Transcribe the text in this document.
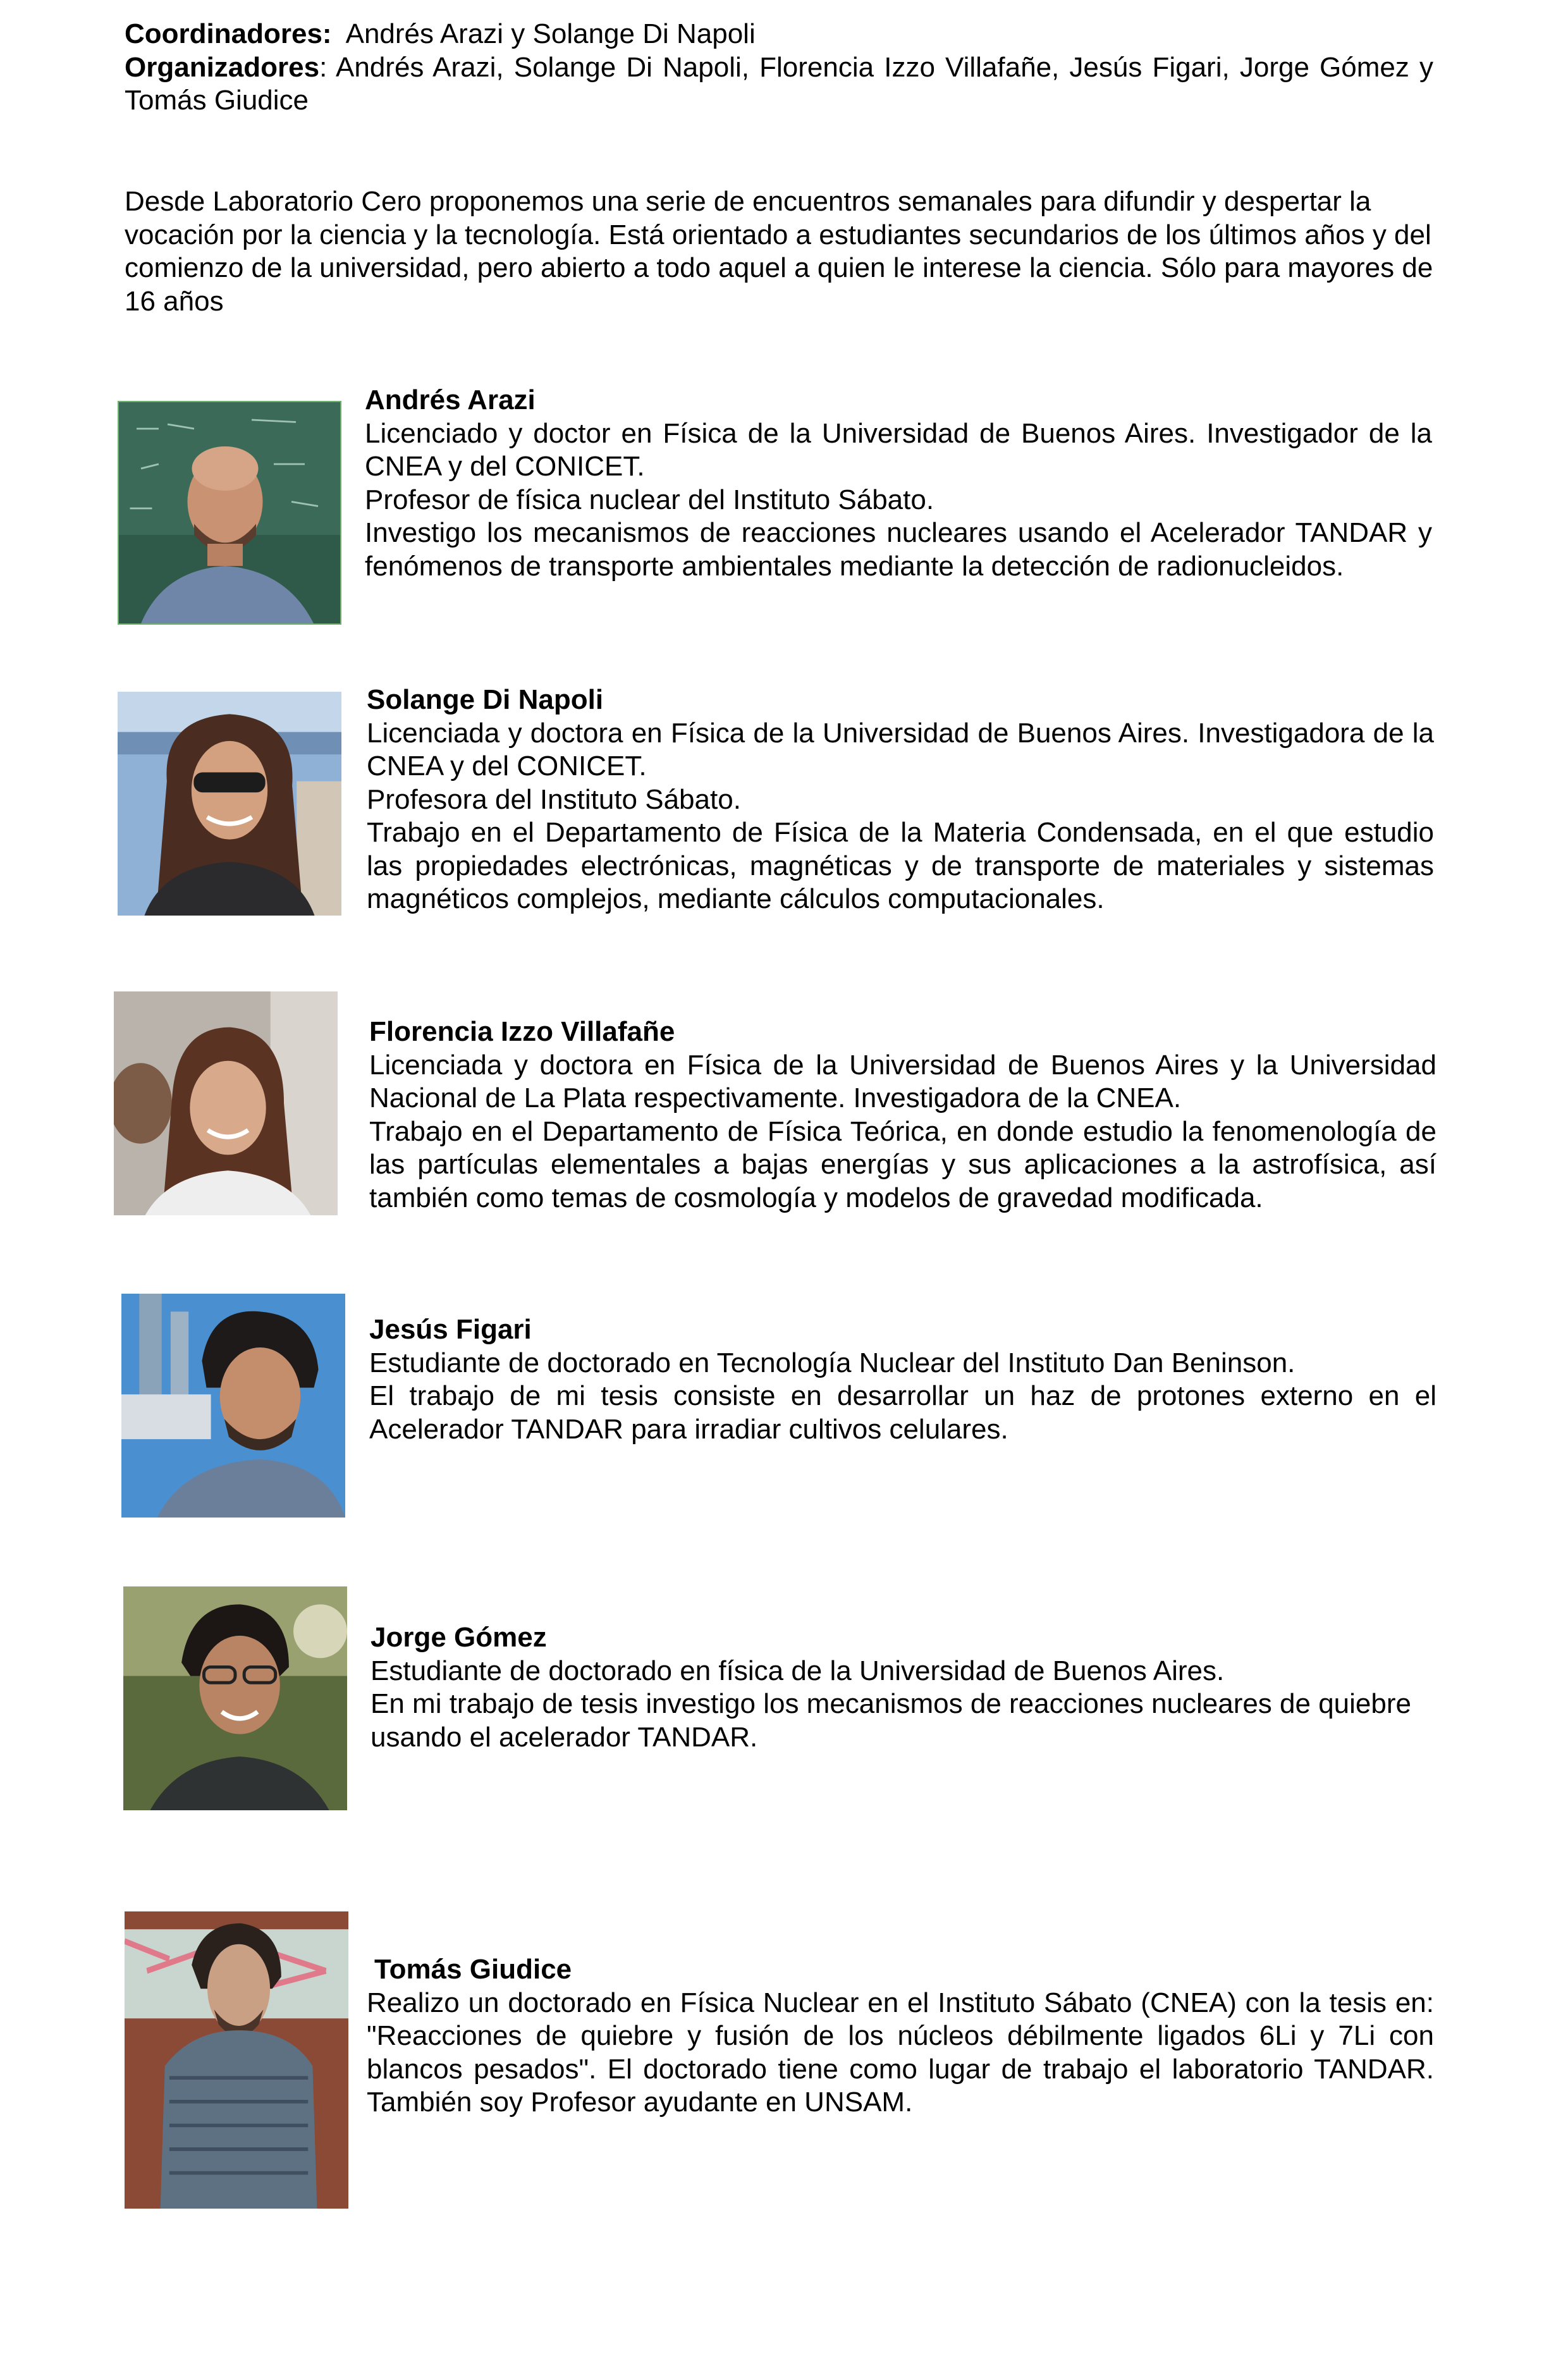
Coordinadores: Andrés Arazi y Solange Di Napoli
Organizadores: Andrés Arazi, Solange Di Napoli, Florencia Izzo Villafañe, Jesús Figari, Jorge Gómez y Tomás Giudice

Desde Laboratorio Cero proponemos una serie de encuentros semanales para difundir y despertar la vocación por la ciencia y la tecnología. Está orientado a estudiantes secundarios de los últimos años y del comienzo de la universidad, pero abierto a todo aquel a quien le interese la ciencia. Sólo para mayores de 16 años

Andrés Arazi

Licenciado y doctor en Física de la Universidad de Buenos Aires. Investigador de la CNEA y del CONICET.

Profesor de física nuclear del Instituto Sábato.

Investigo los mecanismos de reacciones nucleares usando el Acelerador TANDAR y fenómenos de transporte ambientales mediante la detección de radionucleidos.

Solange Di Napoli

Licenciada y doctora en Física de la Universidad de Buenos Aires. Investigadora de la CNEA y del CONICET.

Profesora del Instituto Sábato.

Trabajo en el Departamento de Física de la Materia Condensada, en el que estudio las propiedades electrónicas, magnéticas y de transporte de materiales y sistemas magnéticos complejos, mediante cálculos computacionales.

Florencia Izzo Villafañe

Licenciada y doctora en Física de la Universidad de Buenos Aires y la Universidad Nacional de La Plata respectivamente. Investigadora de la CNEA.

Trabajo en el Departamento de Física Teórica, en donde estudio la fenomenología de las partículas elementales a bajas energías y sus aplicaciones a la astrofísica, así también como temas de cosmología y modelos de gravedad modificada.

Jesús Figari

Estudiante de doctorado en Tecnología Nuclear del Instituto Dan Beninson.

El trabajo de mi tesis consiste en desarrollar un haz de protones externo en el Acelerador TANDAR para irradiar cultivos celulares.

Jorge Gómez

Estudiante de doctorado en física de la Universidad de Buenos Aires.

En mi trabajo de tesis investigo los mecanismos de reacciones nucleares de quiebre usando el acelerador TANDAR.

Tomás Giudice

Realizo un doctorado en Física Nuclear en el Instituto Sábato (CNEA) con la tesis en: "Reacciones de quiebre y fusión de los núcleos débilmente ligados 6Li y 7Li con blancos pesados". El doctorado tiene como lugar de trabajo el laboratorio TANDAR. También soy Profesor ayudante en UNSAM.
